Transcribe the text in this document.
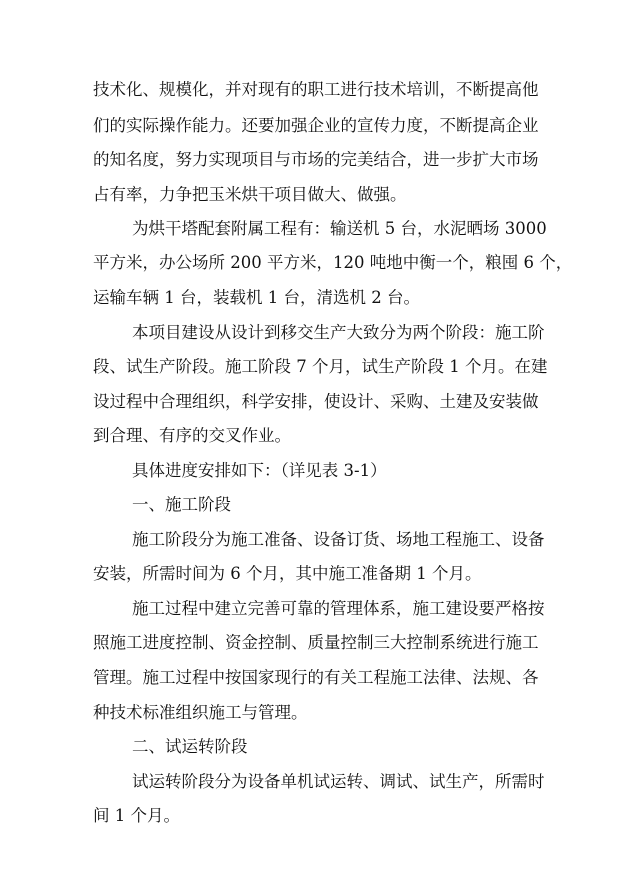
技术化、规模化，并对现有的职工进行技术培训，不断提高他
们的实际操作能力。还要加强企业的宣传力度，不断提高企业
的知名度，努力实现项目与市场的完美结合，进一步扩大市场
占有率，力争把玉米烘干项目做大、做强。
为烘干塔配套附属工程有：输送机 5 台，水泥晒场 3000
平方米，办公场所 200 平方米，120 吨地中衡一个，粮囤 6 个，
运输车辆 1 台，装载机 1 台，清选机 2 台。
本项目建设从设计到移交生产大致分为两个阶段：施工阶
段、试生产阶段。施工阶段 7 个月，试生产阶段 1 个月。在建
设过程中合理组织，科学安排，使设计、采购、土建及安装做
到合理、有序的交叉作业。
具体进度安排如下：（详见表 3-1）
一、施工阶段
施工阶段分为施工准备、设备订货、场地工程施工、设备
安装，所需时间为 6 个月，其中施工准备期 1 个月。
施工过程中建立完善可靠的管理体系，施工建设要严格按
照施工进度控制、资金控制、质量控制三大控制系统进行施工
管理。施工过程中按国家现行的有关工程施工法律、法规、各
种技术标准组织施工与管理。
二、试运转阶段
试运转阶段分为设备单机试运转、调试、试生产，所需时
间 1 个月。
